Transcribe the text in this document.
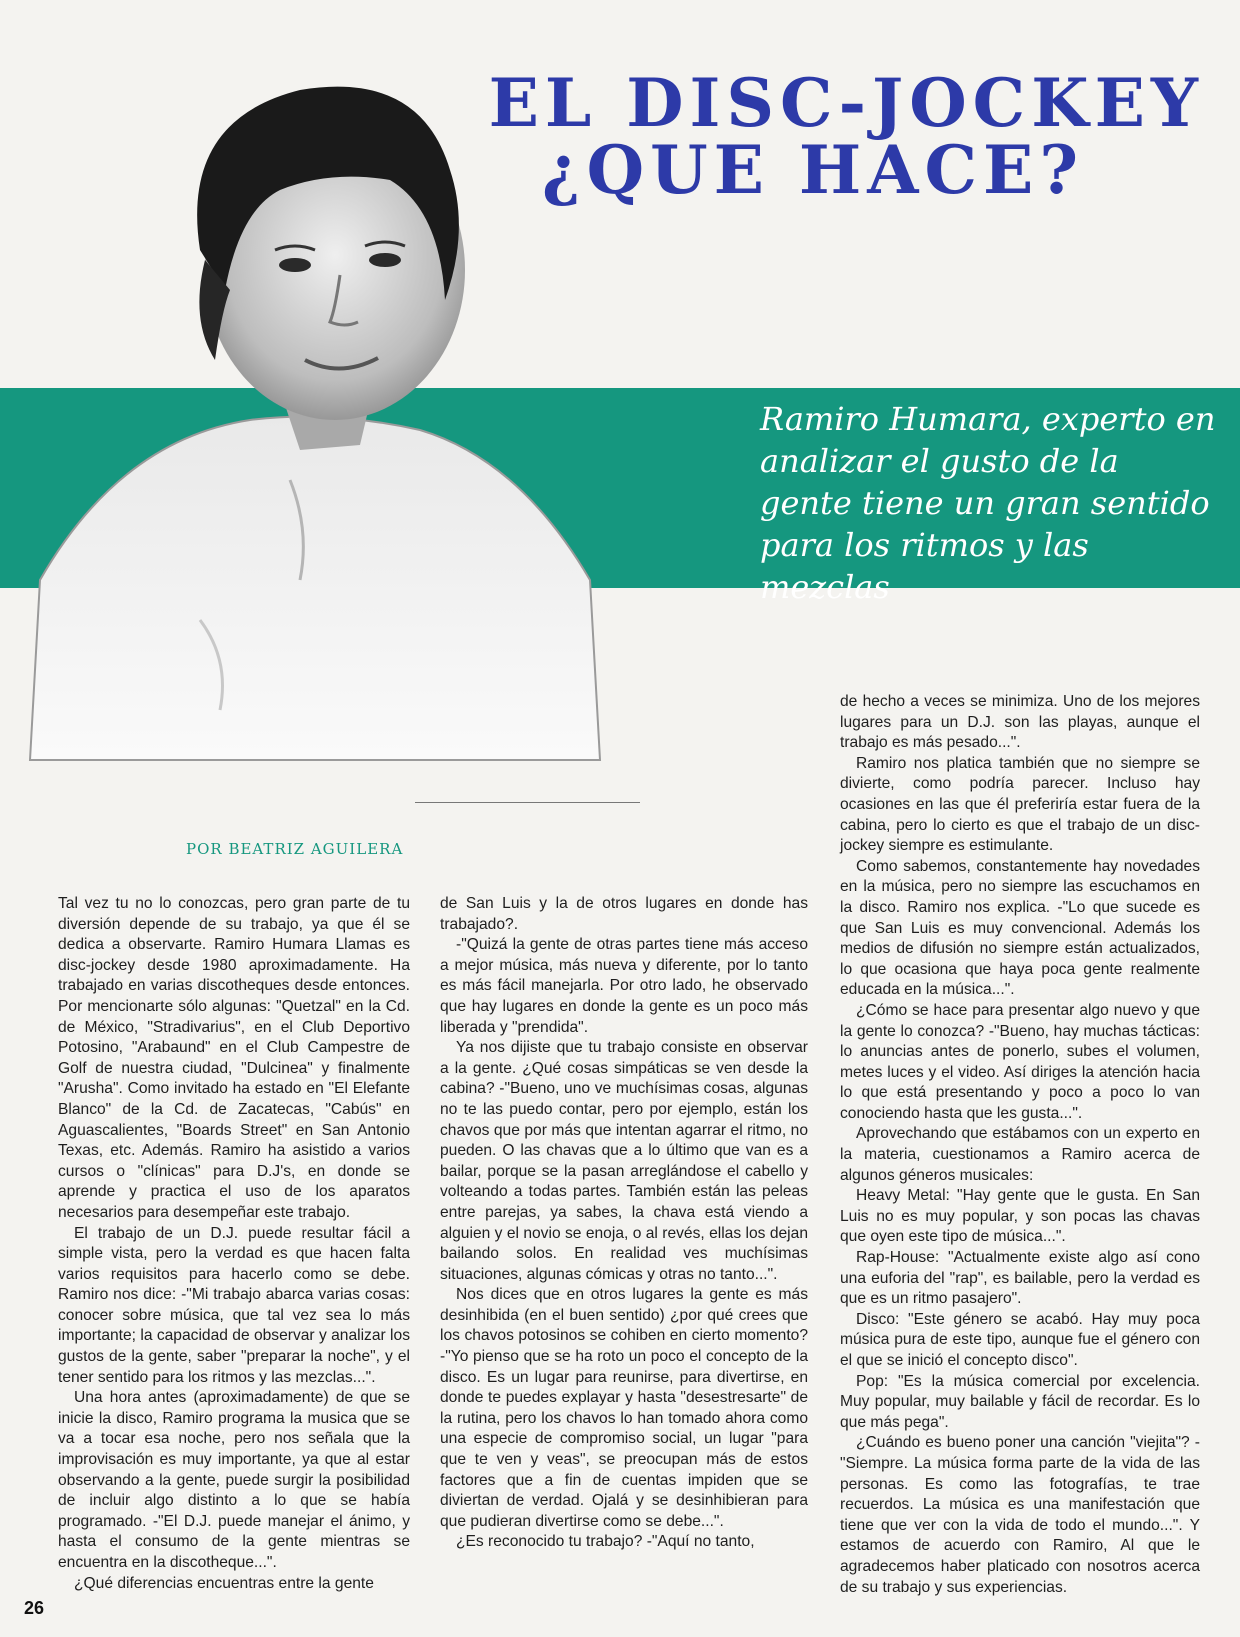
EL DISC-JOCKEY
¿QUE HACE?
Ramiro Humara, experto en analizar el gusto de la gente tiene un gran sentido para los ritmos y las mezclas
POR BEATRIZ AGUILERA

Tal vez tu no lo conozcas, pero gran parte de tu diversión depende de su trabajo, ya que él se dedica a observarte. Ramiro Humara Llamas es disc-jockey desde 1980 aproximadamente. Ha trabajado en varias discotheques desde entonces. Por mencionarte sólo algunas: "Quetzal" en la Cd. de México, "Stradivarius", en el Club Deportivo Potosino, "Arabaund" en el Club Campestre de Golf de nuestra ciudad, "Dulcinea" y finalmente "Arusha". Como invitado ha estado en "El Elefante Blanco" de la Cd. de Zacatecas, "Cabús" en Aguascalientes, "Boards Street" en San Antonio Texas, etc. Además. Ramiro ha asistido a varios cursos o "clínicas" para D.J's, en donde se aprende y practica el uso de los aparatos necesarios para desempeñar este trabajo.

El trabajo de un D.J. puede resultar fácil a simple vista, pero la verdad es que hacen falta varios requisitos para hacerlo como se debe. Ramiro nos dice: -"Mi trabajo abarca varias cosas: conocer sobre música, que tal vez sea lo más importante; la capacidad de observar y analizar los gustos de la gente, saber "preparar la noche", y el tener sentido para los ritmos y las mezclas...".

Una hora antes (aproximadamente) de que se inicie la disco, Ramiro programa la musica que se va a tocar esa noche, pero nos señala que la improvisación es muy importante, ya que al estar observando a la gente, puede surgir la posibilidad de incluir algo distinto a lo que se había programado. -"El D.J. puede manejar el ánimo, y hasta el consumo de la gente mientras se encuentra en la discotheque...".

¿Qué diferencias encuentras entre la gente

de San Luis y la de otros lugares en donde has trabajado?.

-"Quizá la gente de otras partes tiene más acceso a mejor música, más nueva y diferente, por lo tanto es más fácil manejarla. Por otro lado, he observado que hay lugares en donde la gente es un poco más liberada y "prendida".

Ya nos dijiste que tu trabajo consiste en observar a la gente. ¿Qué cosas simpáticas se ven desde la cabina? -"Bueno, uno ve muchísimas cosas, algunas no te las puedo contar, pero por ejemplo, están los chavos que por más que intentan agarrar el ritmo, no pueden. O las chavas que a lo último que van es a bailar, porque se la pasan arreglándose el cabello y volteando a todas partes. También están las peleas entre parejas, ya sabes, la chava está viendo a alguien y el novio se enoja, o al revés, ellas los dejan bailando solos. En realidad ves muchísimas situaciones, algunas cómicas y otras no tanto...".

Nos dices que en otros lugares la gente es más desinhibida (en el buen sentido) ¿por qué crees que los chavos potosinos se cohiben en cierto momento? -"Yo pienso que se ha roto un poco el concepto de la disco. Es un lugar para reunirse, para divertirse, en donde te puedes explayar y hasta "desestresarte" de la rutina, pero los chavos lo han tomado ahora como una especie de compromiso social, un lugar "para que te ven y veas", se preocupan más de estos factores que a fin de cuentas impiden que se diviertan de verdad. Ojalá y se desinhibieran para que pudieran divertirse como se debe...".

¿Es reconocido tu trabajo? -"Aquí no tanto,

de hecho a veces se minimiza. Uno de los mejores lugares para un D.J. son las playas, aunque el trabajo es más pesado...".

Ramiro nos platica también que no siempre se divierte, como podría parecer. Incluso hay ocasiones en las que él preferiría estar fuera de la cabina, pero lo cierto es que el trabajo de un disc-jockey siempre es estimulante.

Como sabemos, constantemente hay novedades en la música, pero no siempre las escuchamos en la disco. Ramiro nos explica. -"Lo que sucede es que San Luis es muy convencional. Además los medios de difusión no siempre están actualizados, lo que ocasiona que haya poca gente realmente educada en la música...".

¿Cómo se hace para presentar algo nuevo y que la gente lo conozca? -"Bueno, hay muchas tácticas: lo anuncias antes de ponerlo, subes el volumen, metes luces y el video. Así diriges la atención hacia lo que está presentando y poco a poco lo van conociendo hasta que les gusta...".

Aprovechando que estábamos con un experto en la materia, cuestionamos a Ramiro acerca de algunos géneros musicales:

Heavy Metal: "Hay gente que le gusta. En San Luis no es muy popular, y son pocas las chavas que oyen este tipo de música...".

Rap-House: "Actualmente existe algo así cono una euforia del "rap", es bailable, pero la verdad es que es un ritmo pasajero".

Disco: "Este género se acabó. Hay muy poca música pura de este tipo, aunque fue el género con el que se inició el concepto disco".

Pop: "Es la música comercial por excelencia. Muy popular, muy bailable y fácil de recordar. Es lo que más pega".

¿Cuándo es bueno poner una canción "viejita"? -"Siempre. La música forma parte de la vida de las personas. Es como las fotografías, te trae recuerdos. La música es una manifestación que tiene que ver con la vida de todo el mundo...". Y estamos de acuerdo con Ramiro, Al que le agradecemos haber platicado con nosotros acerca de su trabajo y sus experiencias.

26
